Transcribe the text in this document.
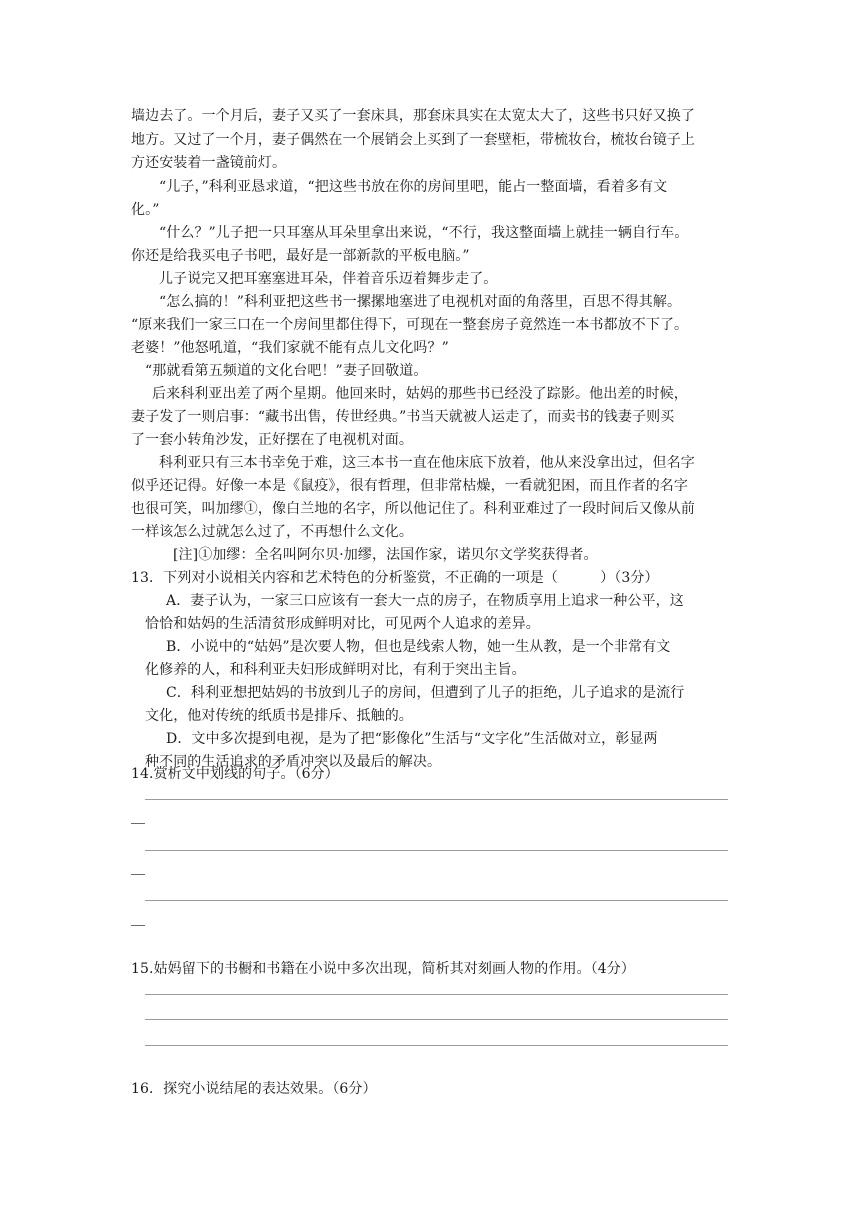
墙边去了。一个月后，妻子又买了一套床具，那套床具实在太宽太大了，这些书只好又换了
地方。又过了一个月，妻子偶然在一个展销会上买到了一套壁柜，带梳妆台，梳妆台镜子上
方还安装着一盏镜前灯。
“儿子，”科利亚恳求道，“把这些书放在你的房间里吧，能占一整面墙，看着多有文
化。”
“什么？”儿子把一只耳塞从耳朵里拿出来说，“不行，我这整面墙上就挂一辆自行车。
你还是给我买电子书吧，最好是一部新款的平板电脑。”
儿子说完又把耳塞塞进耳朵，伴着音乐迈着舞步走了。
“怎么搞的！”科利亚把这些书一摞摞地塞进了电视机对面的角落里，百思不得其解。
“原来我们一家三口在一个房间里都住得下，可现在一整套房子竟然连一本书都放不下了。
老婆！”他怒吼道，“我们家就不能有点儿文化吗？”
“那就看第五频道的文化台吧！”妻子回敬道。
后来科利亚出差了两个星期。他回来时，姑妈的那些书已经没了踪影。他出差的时候，
妻子发了一则启事：“藏书出售，传世经典。”书当天就被人运走了，而卖书的钱妻子则买
了一套小转角沙发，正好摆在了电视机对面。
科利亚只有三本书幸免于难，这三本书一直在他床底下放着，他从来没拿出过，但名字
似乎还记得。好像一本是《鼠疫》，很有哲理，但非常枯燥，一看就犯困，而且作者的名字
也很可笑，叫加缪①，像白兰地的名字，所以他记住了。科利亚难过了一段时间后又像从前
一样该怎么过就怎么过了，不再想什么文化。
[注]①加缪：全名叫阿尔贝·加缪，法国作家，诺贝尔文学奖获得者。
13．下列对小说相关内容和艺术特色的分析鉴赏，不正确的一项是（　　　）（3分）
A．妻子认为，一家三口应该有一套大一点的房子，在物质享用上追求一种公平，这
恰恰和姑妈的生活清贫形成鲜明对比，可见两个人追求的差异。
B．小说中的“姑妈”是次要人物，但也是线索人物，她一生从教，是一个非常有文
化修养的人，和科利亚夫妇形成鲜明对比，有利于突出主旨。
C．科利亚想把姑妈的书放到儿子的房间，但遭到了儿子的拒绝，儿子追求的是流行
文化，他对传统的纸质书是排斥、抵触的。
D．文中多次提到电视，是为了把“影像化”生活与“文字化”生活做对立，彰显两
种不同的生活追求的矛盾冲突以及最后的解决。
14.赏析文中划线的句子。（6分）
15.姑妈留下的书橱和书籍在小说中多次出现，简析其对刻画人物的作用。（4分）
16．探究小说结尾的表达效果。（6分）
